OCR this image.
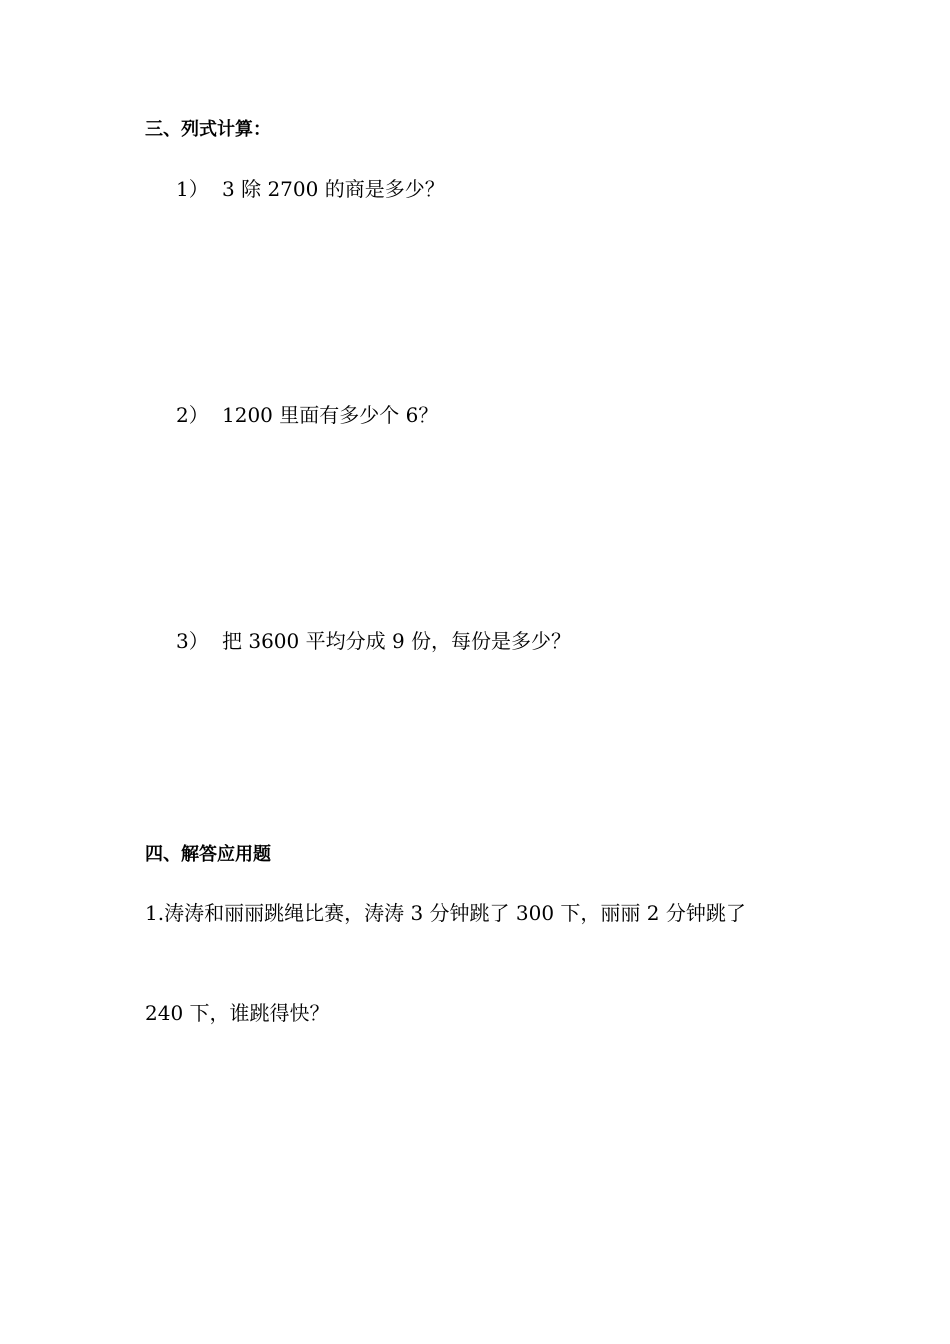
三、列式计算：
1） 3 除 2700 的商是多少？
2） 1200 里面有多少个 6？
3） 把 3600 平均分成 9 份，每份是多少？
四、解答应用题
1.涛涛和丽丽跳绳比赛，涛涛 3 分钟跳了 300 下，丽丽 2 分钟跳了
240 下，谁跳得快？
